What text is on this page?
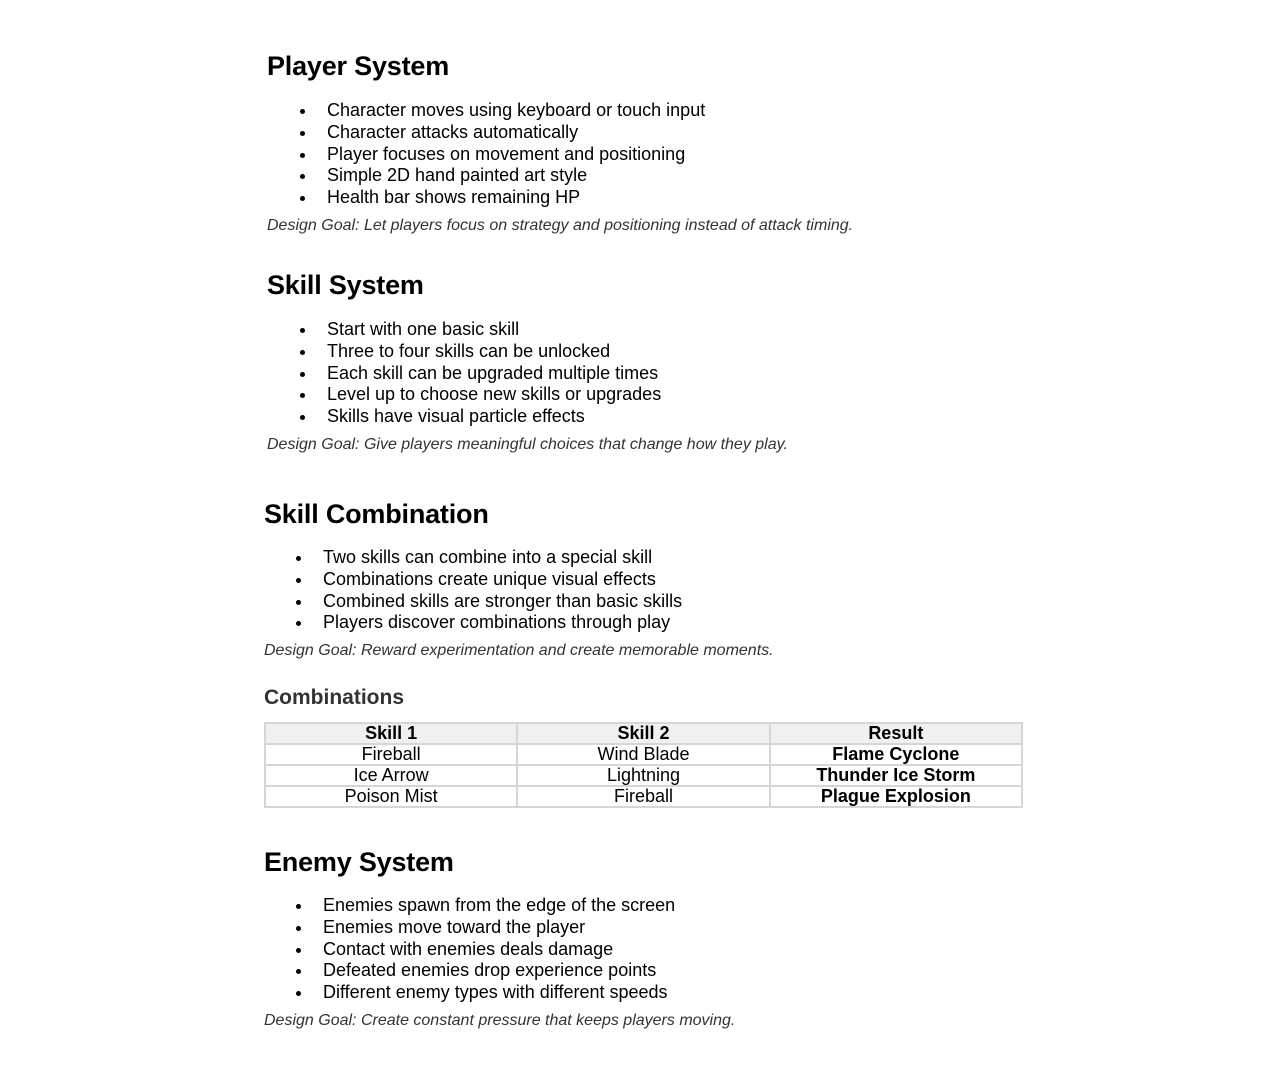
Player System
Character moves using keyboard or touch input
Character attacks automatically
Player focuses on movement and positioning
Simple 2D hand painted art style
Health bar shows remaining HP
Design Goal: Let players focus on strategy and positioning instead of attack timing.
Skill System
Start with one basic skill
Three to four skills can be unlocked
Each skill can be upgraded multiple times
Level up to choose new skills or upgrades
Skills have visual particle effects
Design Goal: Give players meaningful choices that change how they play.
Skill Combination
Two skills can combine into a special skill
Combinations create unique visual effects
Combined skills are stronger than basic skills
Players discover combinations through play
Design Goal: Reward experimentation and create memorable moments.
Combinations
Skill 1	Skill 2	Result
Fireball	Wind Blade	Flame Cyclone
Ice Arrow	Lightning	Thunder Ice Storm
Poison Mist	Fireball	Plague Explosion
Enemy System
Enemies spawn from the edge of the screen
Enemies move toward the player
Contact with enemies deals damage
Defeated enemies drop experience points
Different enemy types with different speeds
Design Goal: Create constant pressure that keeps players moving.
